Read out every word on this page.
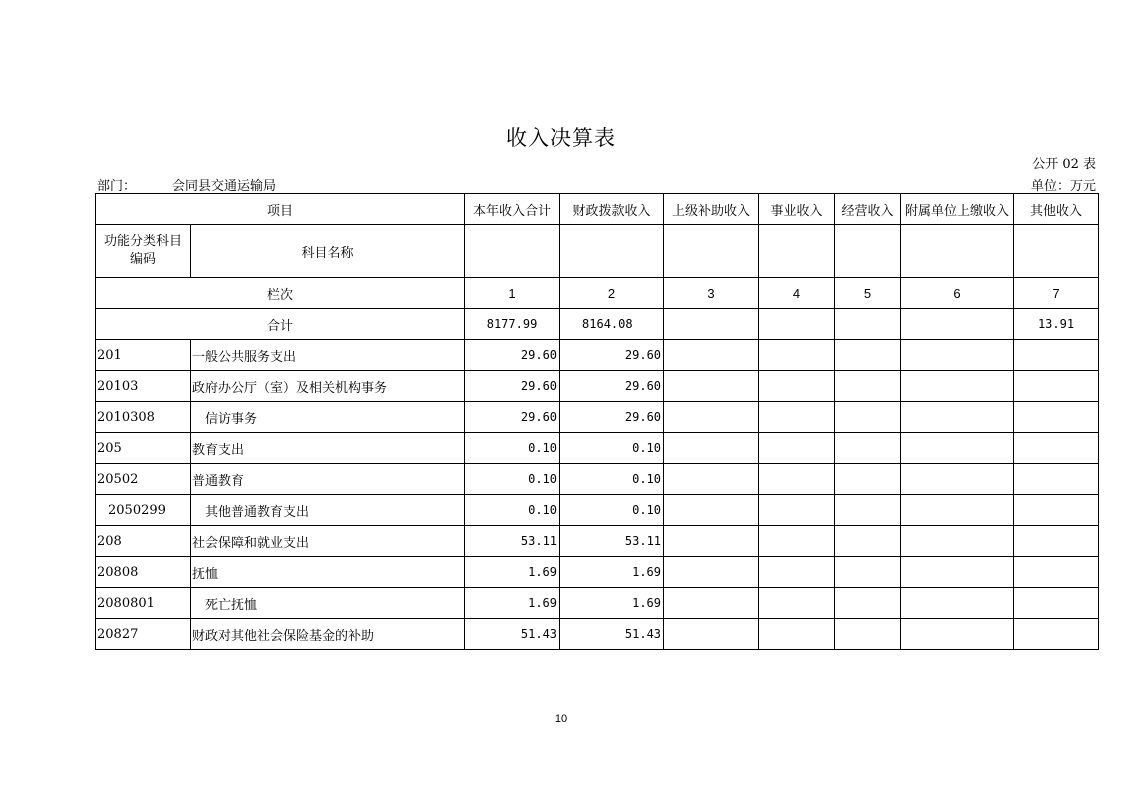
收入决算表
公开 02 表
部门：	会同县交通运输局	单位：万元
项目		本年收入合计	财政拨款收入	上级补助收入	事业收入	经营收入	附属单位上缴收入	其他收入
功能分类科目编码	科目名称							
栏次		1	2	3	4	5	6	7
合计		8177.99	8164.08					13.91
201	一般公共服务支出	29.60	29.60					
20103	政府办公厅（室）及相关机构事务	29.60	29.60					
2010308	信访事务	29.60	29.60					
205	教育支出	0.10	0.10					
20502	普通教育	0.10	0.10					
2050299	其他普通教育支出	0.10	0.10					
208	社会保障和就业支出	53.11	53.11					
20808	抚恤	1.69	1.69					
2080801	死亡抚恤	1.69	1.69					
20827	财政对其他社会保险基金的补助	51.43	51.43					
10
